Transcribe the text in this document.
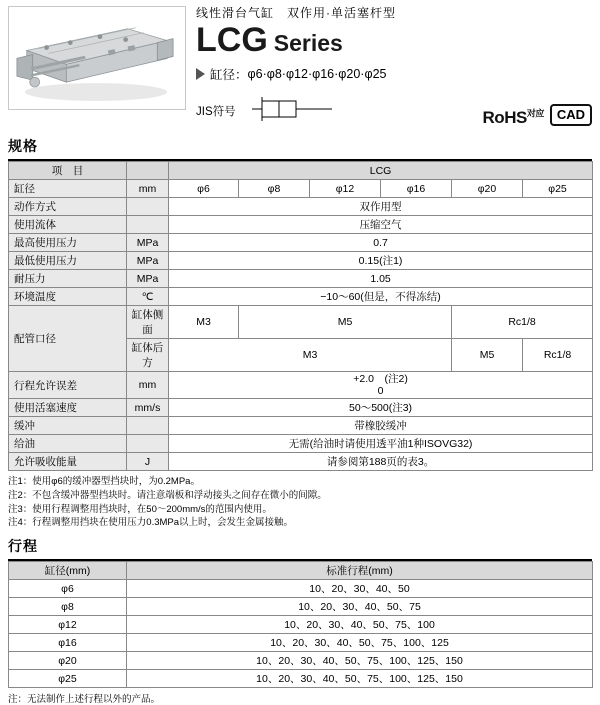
线性滑台气缸　双作用·单活塞杆型
LCG Series
缸径： φ6·φ8·φ12·φ16·φ20·φ25
JIS符号	RoHS$^{对应}$	CAD
规格
项　目		LCG					
缸径	mm	φ6	φ8	φ12	φ16	φ20	φ25
动作方式		双作用型					
使用流体		压缩空气					
最高使用压力	MPa	0.7					
最低使用压力	MPa	0.15(注1)					
耐压力	MPa	1.05					
环境温度	℃	−10～60(但是，不得冻结)					
配管口径	缸体侧面	M3	M5			Rc1/8	
	缸体后方	M3				M5	Rc1/8
行程允许误差	mm	+2.0　(注2)
0					

使用活塞速度	mm/s	50～500(注3)					
缓冲		带橡胶缓冲					
给油		无需(给油时请使用透平油1种ISOVG32)					
允许吸收能量	J	请参阅第188页的表3。					
注1：使用φ6的缓冲器型挡块时，为0.2MPa。
注2：不包含缓冲器型挡块时。请注意端板和浮动接头之间存在微小的间隙。
注3：使用行程调整用挡块时，在50～200mm/s的范围内使用。
注4：行程调整用挡块在使用压力0.3MPa以上时，会发生金属接触。
行程
缸径(mm)	标准行程(mm)
φ6	10、20、30、40、50
φ8	10、20、30、40、50、75
φ12	10、20、30、40、50、75、100
φ16	10、20、30、40、50、75、100、125
φ20	10、20、30、40、50、75、100、125、150
φ25	10、20、30、40、50、75、100、125、150
注：无法制作上述行程以外的产品。
